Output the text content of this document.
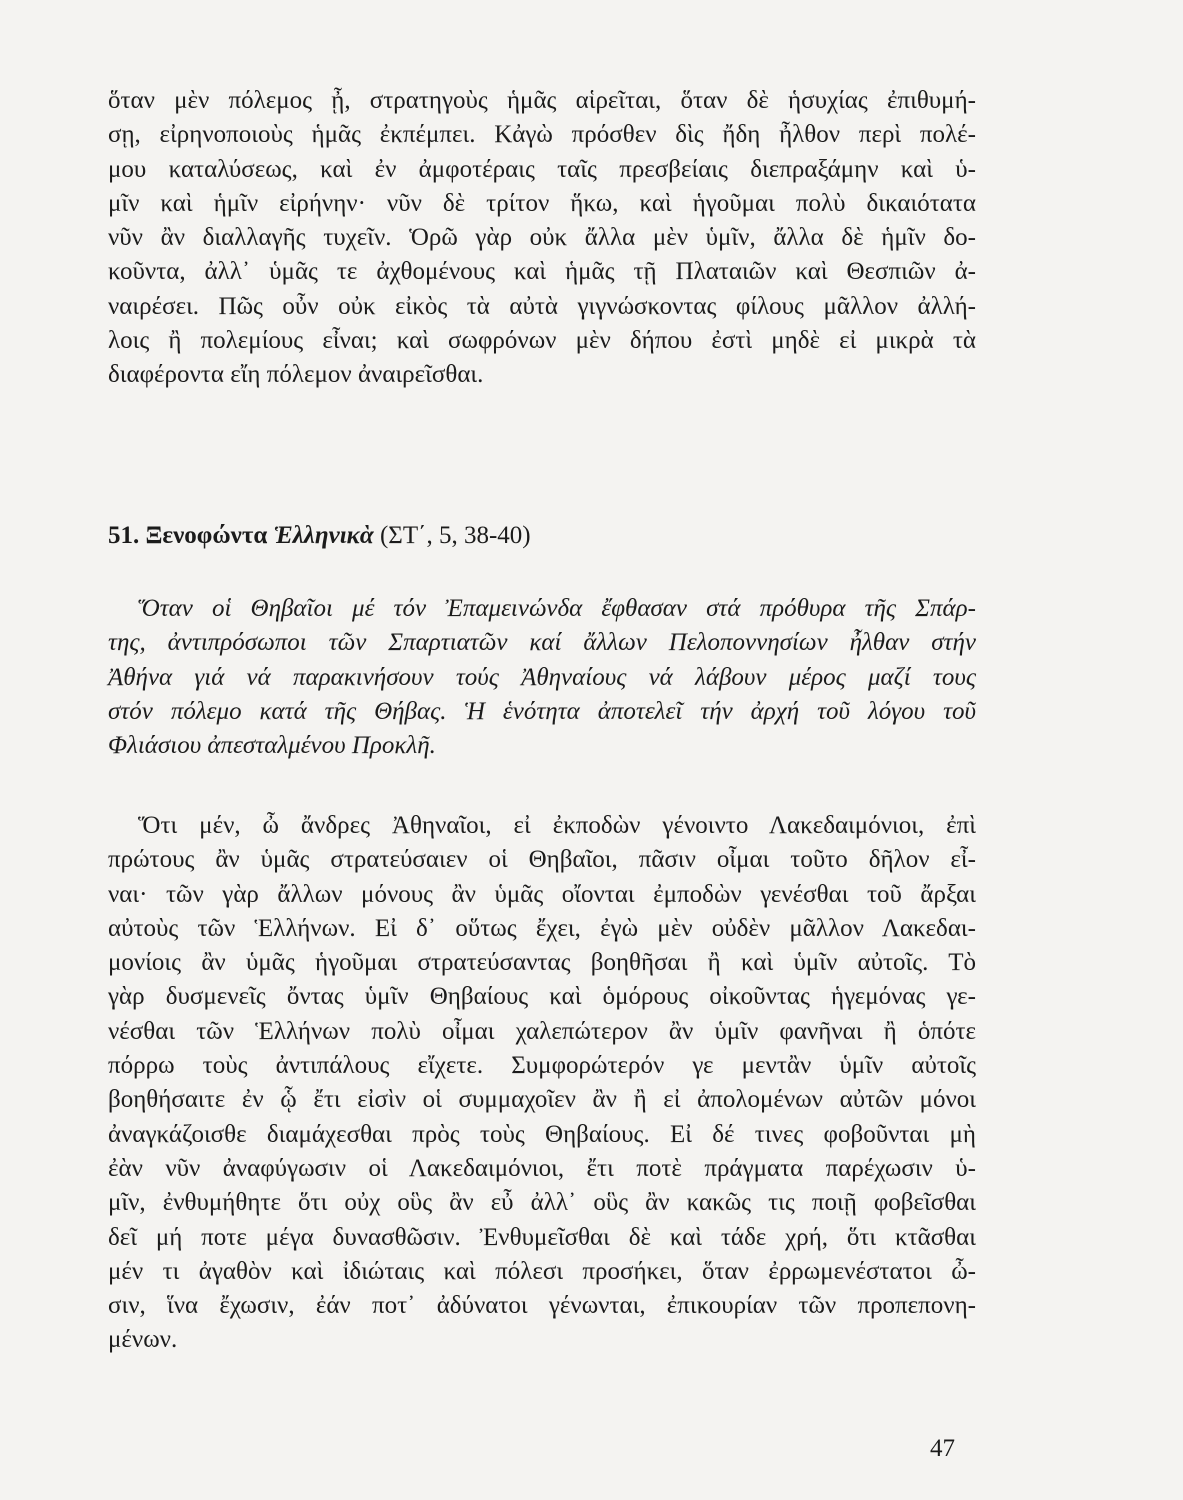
ὅταν μὲν πόλεμος ᾖ, στρατηγοὺς ἡμᾶς αἱρεῖται, ὅταν δὲ ἡσυχίας ἐπιθυμή-
σῃ, εἰρηνοποιοὺς ἡμᾶς ἐκπέμπει. Κἀγὼ πρόσθεν δὶς ἤδη ἦλθον περὶ πολέ-
μου καταλύσεως, καὶ ἐν ἀμφοτέραις ταῖς πρεσβείαις διεπραξάμην καὶ ὑ-
μῖν καὶ ἡμῖν εἰρήνην· νῦν δὲ τρίτον ἥκω, καὶ ἡγοῦμαι πολὺ δικαιότατα
νῦν ἂν διαλλαγῆς τυχεῖν. Ὁρῶ γὰρ οὐκ ἄλλα μὲν ὑμῖν, ἄλλα δὲ ἡμῖν δο-
κοῦντα, ἀλλ᾽ ὑμᾶς τε ἀχθομένους καὶ ἡμᾶς τῇ Πλαταιῶν καὶ Θεσπιῶν ἀ-
ναιρέσει. Πῶς οὖν οὐκ εἰκὸς τὰ αὐτὰ γιγνώσκοντας φίλους μᾶλλον ἀλλή-
λοις ἢ πολεμίους εἶναι; καὶ σωφρόνων μὲν δήπου ἐστὶ μηδὲ εἰ μικρὰ τὰ
διαφέροντα εἴη πόλεμον ἀναιρεῖσθαι.
51. Ξενοφώντα Ἑλληνικὰ (ΣΤ΄, 5, 38-40)
Ὅταν οἱ Θηβαῖοι μέ τόν Ἐπαμεινώνδα ἔφθασαν στά πρόθυρα τῆς Σπάρ-
της, ἀντιπρόσωποι τῶν Σπαρτιατῶν καί ἄλλων Πελοποννησίων ἦλθαν στήν
Ἀθήνα γιά νά παρακινήσουν τούς Ἀθηναίους νά λάβουν μέρος μαζί τους
στόν πόλεμο κατά τῆς Θήβας. Ἡ ἑνότητα ἀποτελεῖ τήν ἀρχή τοῦ λόγου τοῦ
Φλιάσιου ἀπεσταλμένου Προκλῆ.
Ὅτι μέν, ὦ ἄνδρες Ἀθηναῖοι, εἰ ἐκποδὼν γένοιντο Λακεδαιμόνιοι, ἐπὶ
πρώτους ἂν ὑμᾶς στρατεύσαιεν οἱ Θηβαῖοι, πᾶσιν οἶμαι τοῦτο δῆλον εἶ-
ναι· τῶν γὰρ ἄλλων μόνους ἂν ὑμᾶς οἴονται ἐμποδὼν γενέσθαι τοῦ ἄρξαι
αὐτοὺς τῶν Ἑλλήνων. Εἰ δ᾽ οὕτως ἔχει, ἐγὼ μὲν οὐδὲν μᾶλλον Λακεδαι-
μονίοις ἂν ὑμᾶς ἡγοῦμαι στρατεύσαντας βοηθῆσαι ἢ καὶ ὑμῖν αὐτοῖς. Τὸ
γὰρ δυσμενεῖς ὄντας ὑμῖν Θηβαίους καὶ ὁμόρους οἰκοῦντας ἡγεμόνας γε-
νέσθαι τῶν Ἑλλήνων πολὺ οἶμαι χαλεπώτερον ἂν ὑμῖν φανῆναι ἢ ὁπότε
πόρρω τοὺς ἀντιπάλους εἴχετε. Συμφορώτερόν γε μεντἂν ὑμῖν αὐτοῖς
βοηθήσαιτε ἐν ᾧ ἔτι εἰσὶν οἱ συμμαχοῖεν ἂν ἢ εἰ ἀπολομένων αὐτῶν μόνοι
ἀναγκάζοισθε διαμάχεσθαι πρὸς τοὺς Θηβαίους. Εἰ δέ τινες φοβοῦνται μὴ
ἐὰν νῦν ἀναφύγωσιν οἱ Λακεδαιμόνιοι, ἔτι ποτὲ πράγματα παρέχωσιν ὑ-
μῖν, ἐνθυμήθητε ὅτι οὐχ οὓς ἂν εὖ ἀλλ᾽ οὓς ἂν κακῶς τις ποιῇ φοβεῖσθαι
δεῖ μή ποτε μέγα δυνασθῶσιν. Ἐνθυμεῖσθαι δὲ καὶ τάδε χρή, ὅτι κτᾶσθαι
μέν τι ἀγαθὸν καὶ ἰδιώταις καὶ πόλεσι προσήκει, ὅταν ἐρρωμενέστατοι ὦ-
σιν, ἵνα ἔχωσιν, ἐάν ποτ᾽ ἀδύνατοι γένωνται, ἐπικουρίαν τῶν προπεπονη-
μένων.
47
